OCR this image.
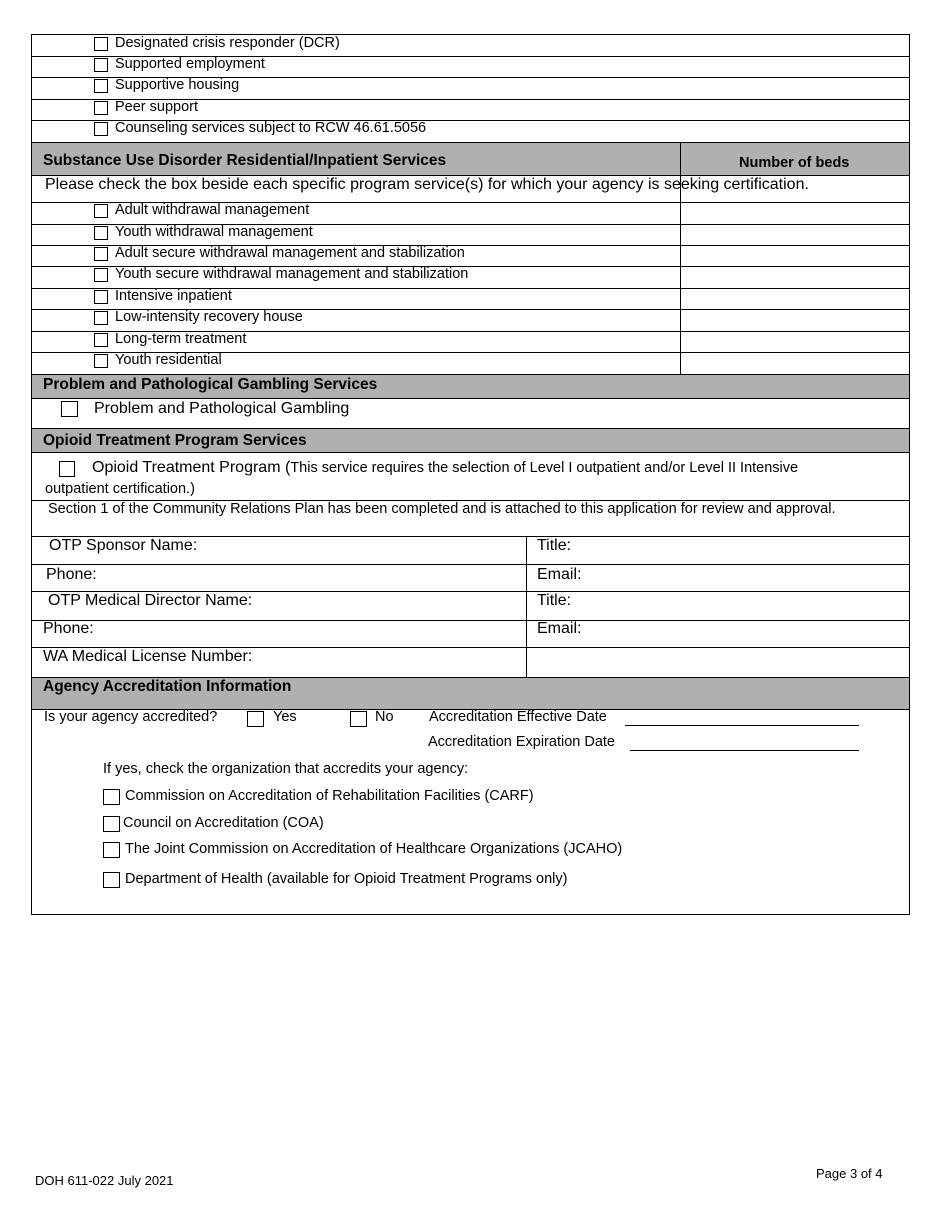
Designated crisis responder (DCR)
Supported employment
Supportive housing
Peer support
Counseling services subject to RCW 46.61.5056
Substance Use Disorder Residential/Inpatient Services	Number of beds
Please check the box beside each specific program service(s) for which your agency is seeking certification.
Adult withdrawal management
Youth withdrawal management
Adult secure withdrawal management and stabilization
Youth secure withdrawal management and stabilization
Intensive inpatient
Low-intensity recovery house
Long-term treatment
Youth residential
Problem and Pathological Gambling Services
Problem and Pathological Gambling
Opioid Treatment Program Services
Opioid Treatment Program (This service requires the selection of Level I outpatient and/or Level II Intensive
outpatient certification.)
Section 1 of the Community Relations Plan has been completed and is attached to this application for review and approval.
OTP Sponsor Name:	Title:
Phone:	Email:
OTP Medical Director Name:	Title:
Phone:	Email:
WA Medical License Number:
Agency Accreditation Information
Is your agency accredited?	Yes	No Accreditation Effective Date
Accreditation Expiration Date
If yes, check the organization that accredits your agency:
Commission on Accreditation of Rehabilitation Facilities (CARF)
Council on Accreditation (COA)
The Joint Commission on Accreditation of Healthcare Organizations (JCAHO)
Department of Health (available for Opioid Treatment Programs only)
DOH 611-022 July 2021	Page 3 of 4
